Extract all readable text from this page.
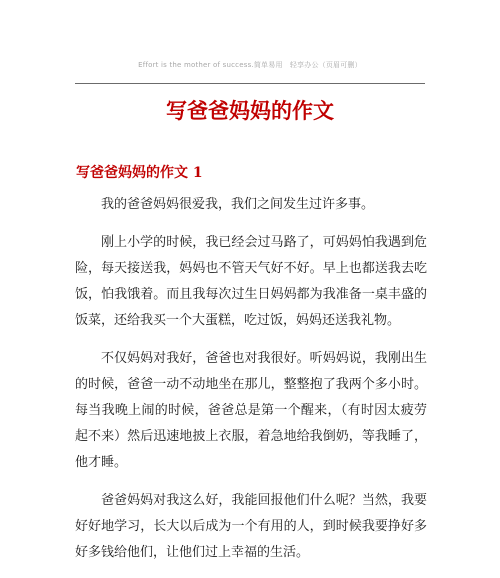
Effort is the mother of success.简单易用　轻享办公（页眉可删）
写爸爸妈妈的作文
写爸爸妈妈的作文 1

我的爸爸妈妈很爱我，我们之间发生过许多事。

刚上小学的时候，我已经会过马路了，可妈妈怕我遇到危险，每天接送我，妈妈也不管天气好不好。早上也都送我去吃饭，怕我饿着。而且我每次过生日妈妈都为我准备一桌丰盛的饭菜，还给我买一个大蛋糕，吃过饭，妈妈还送我礼物。

不仅妈妈对我好，爸爸也对我很好。听妈妈说，我刚出生的时候，爸爸一动不动地坐在那儿，整整抱了我两个多小时。每当我晚上闹的时候，爸爸总是第一个醒来，（有时因太疲劳起不来）然后迅速地披上衣服，着急地给我倒奶，等我睡了，他才睡。

爸爸妈妈对我这么好，我能回报他们什么呢？当然，我要好好地学习，长大以后成为一个有用的人，到时候我要挣好多好多钱给他们，让他们过上幸福的生活。
